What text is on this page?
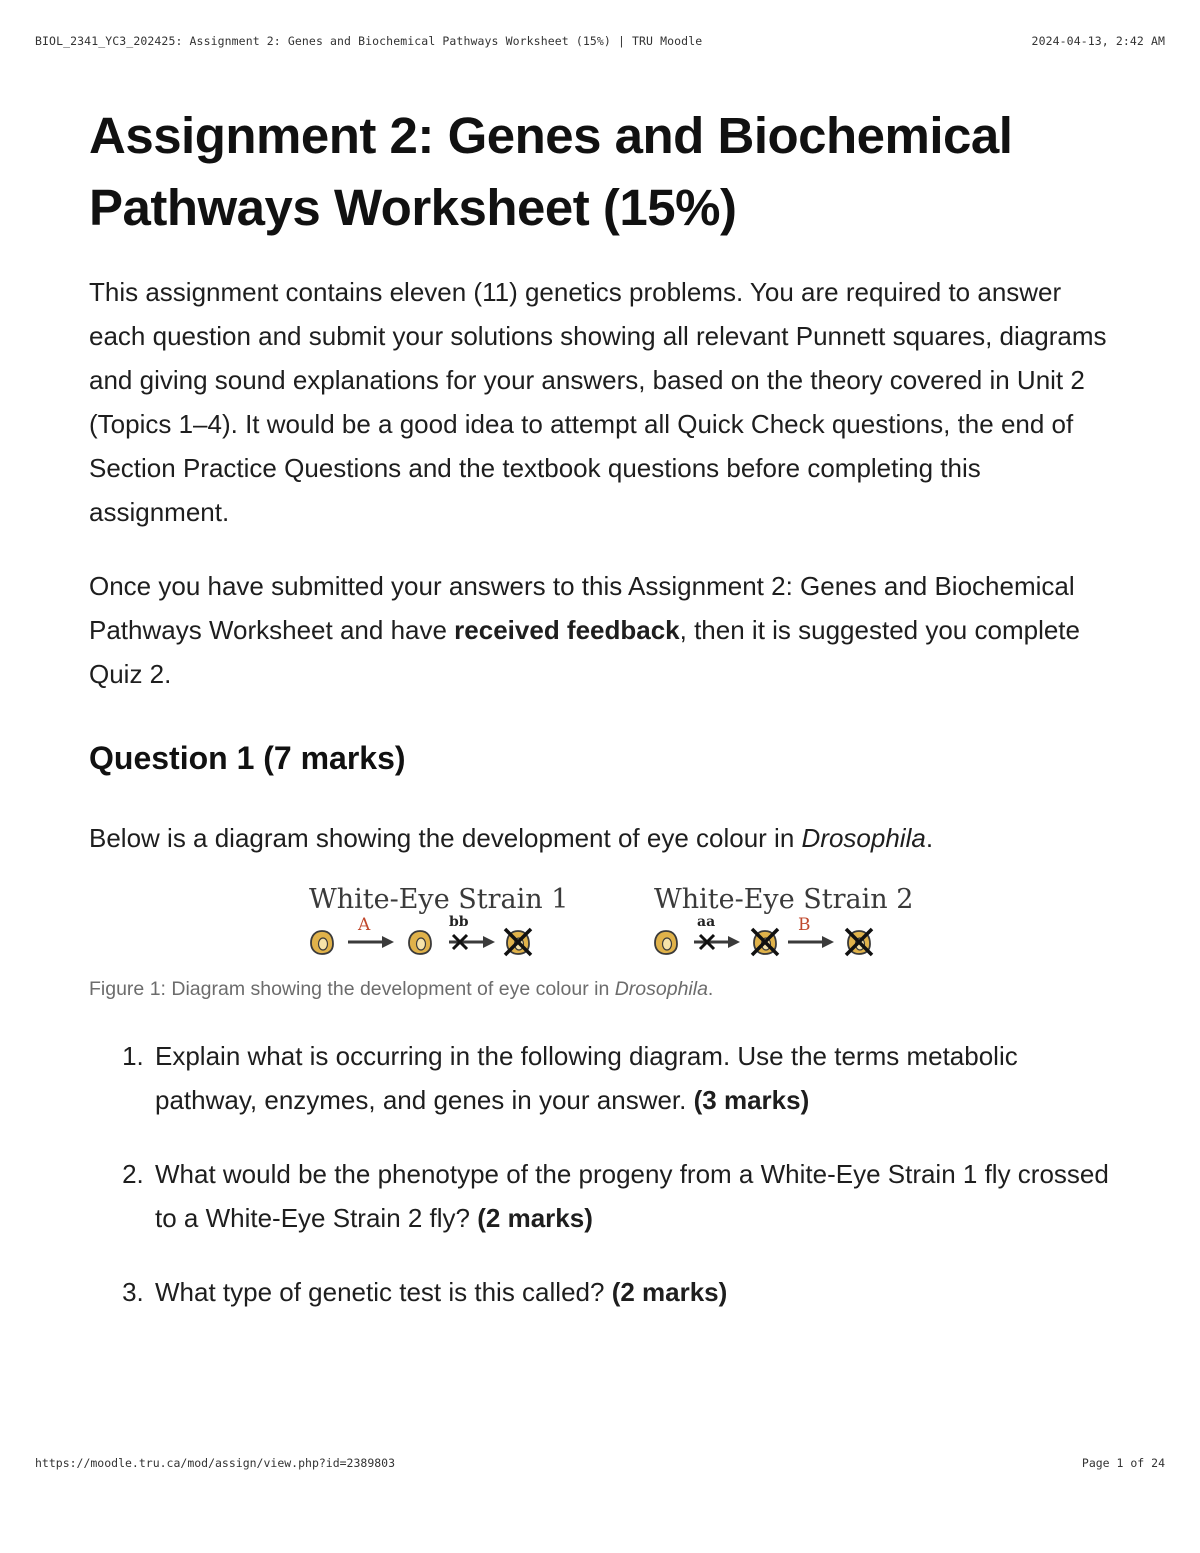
BIOL_2341_YC3_202425: Assignment 2: Genes and Biochemical Pathways Worksheet (15%) | TRU Moodle	2024-04-13, 2:42 AM
Assignment 2: Genes and Biochemical Pathways Worksheet (15%)

This assignment contains eleven (11) genetics problems. You are required to answer each question and submit your solutions showing all relevant Punnett squares, diagrams and giving sound explanations for your answers, based on the theory covered in Unit 2 (Topics 1–4). It would be a good idea to attempt all Quick Check questions, the end of Section Practice Questions and the textbook questions before completing this assignment.

Once you have submitted your answers to this Assignment 2: Genes and Biochemical Pathways Worksheet and have received feedback, then it is suggested you complete Quiz 2.

Question 1 (7 marks)

Below is a diagram showing the development of eye colour in Drosophila.

White-Eye Strain 1
A	bb
White-Eye Strain 2
aa	B
Figure 1: Diagram showing the development of eye colour in Drosophila.
1. Explain what is occurring in the following diagram. Use the terms metabolic pathway, enzymes, and genes in your answer. (3 marks)
2. What would be the phenotype of the progeny from a White-Eye Strain 1 fly crossed to a White-Eye Strain 2 fly? (2 marks)
3. What type of genetic test is this called? (2 marks)
https://moodle.tru.ca/mod/assign/view.php?id=2389803	Page 1 of 24
